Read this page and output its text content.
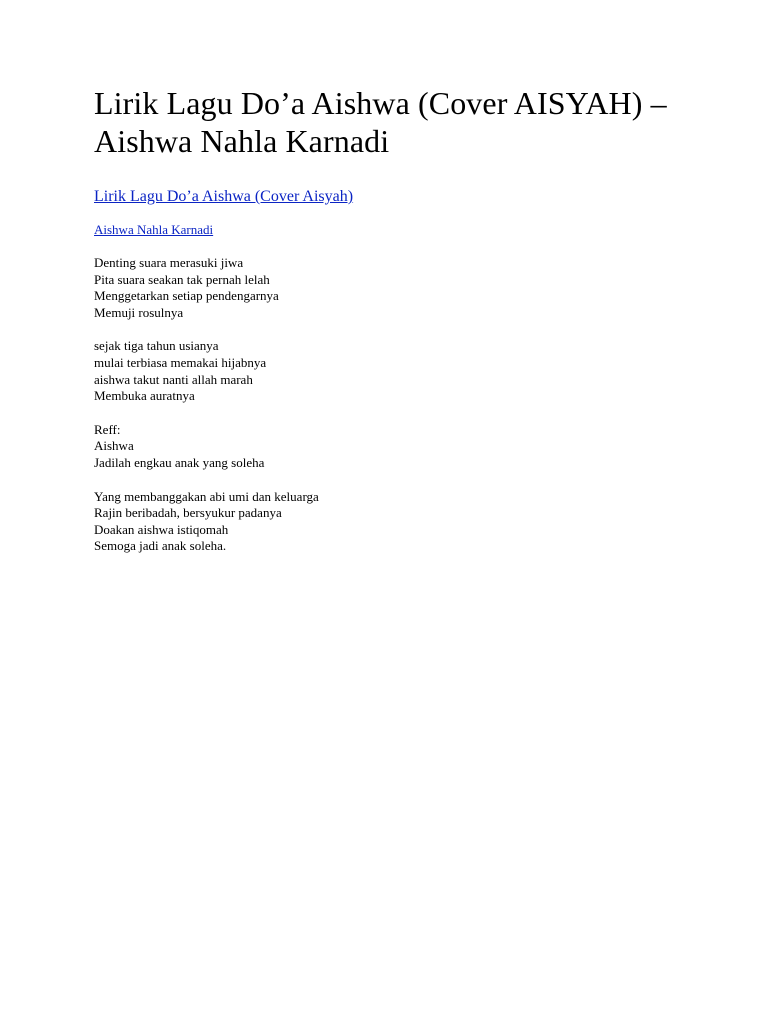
Lirik Lagu Do’a Aishwa (Cover AISYAH) – Aishwa Nahla Karnadi
Lirik Lagu Do’a Aishwa (Cover Aisyah)
Aishwa Nahla Karnadi
Denting suara merasuki jiwa
Pita suara seakan tak pernah lelah
Menggetarkan setiap pendengarnya
Memuji rosulnya
sejak tiga tahun usianya
mulai terbiasa memakai hijabnya
aishwa takut nanti allah marah
Membuka auratnya
Reff:
Aishwa
Jadilah engkau anak yang soleha
Yang membanggakan abi umi dan keluarga
Rajin beribadah, bersyukur padanya
Doakan aishwa istiqomah
Semoga jadi anak soleha.
